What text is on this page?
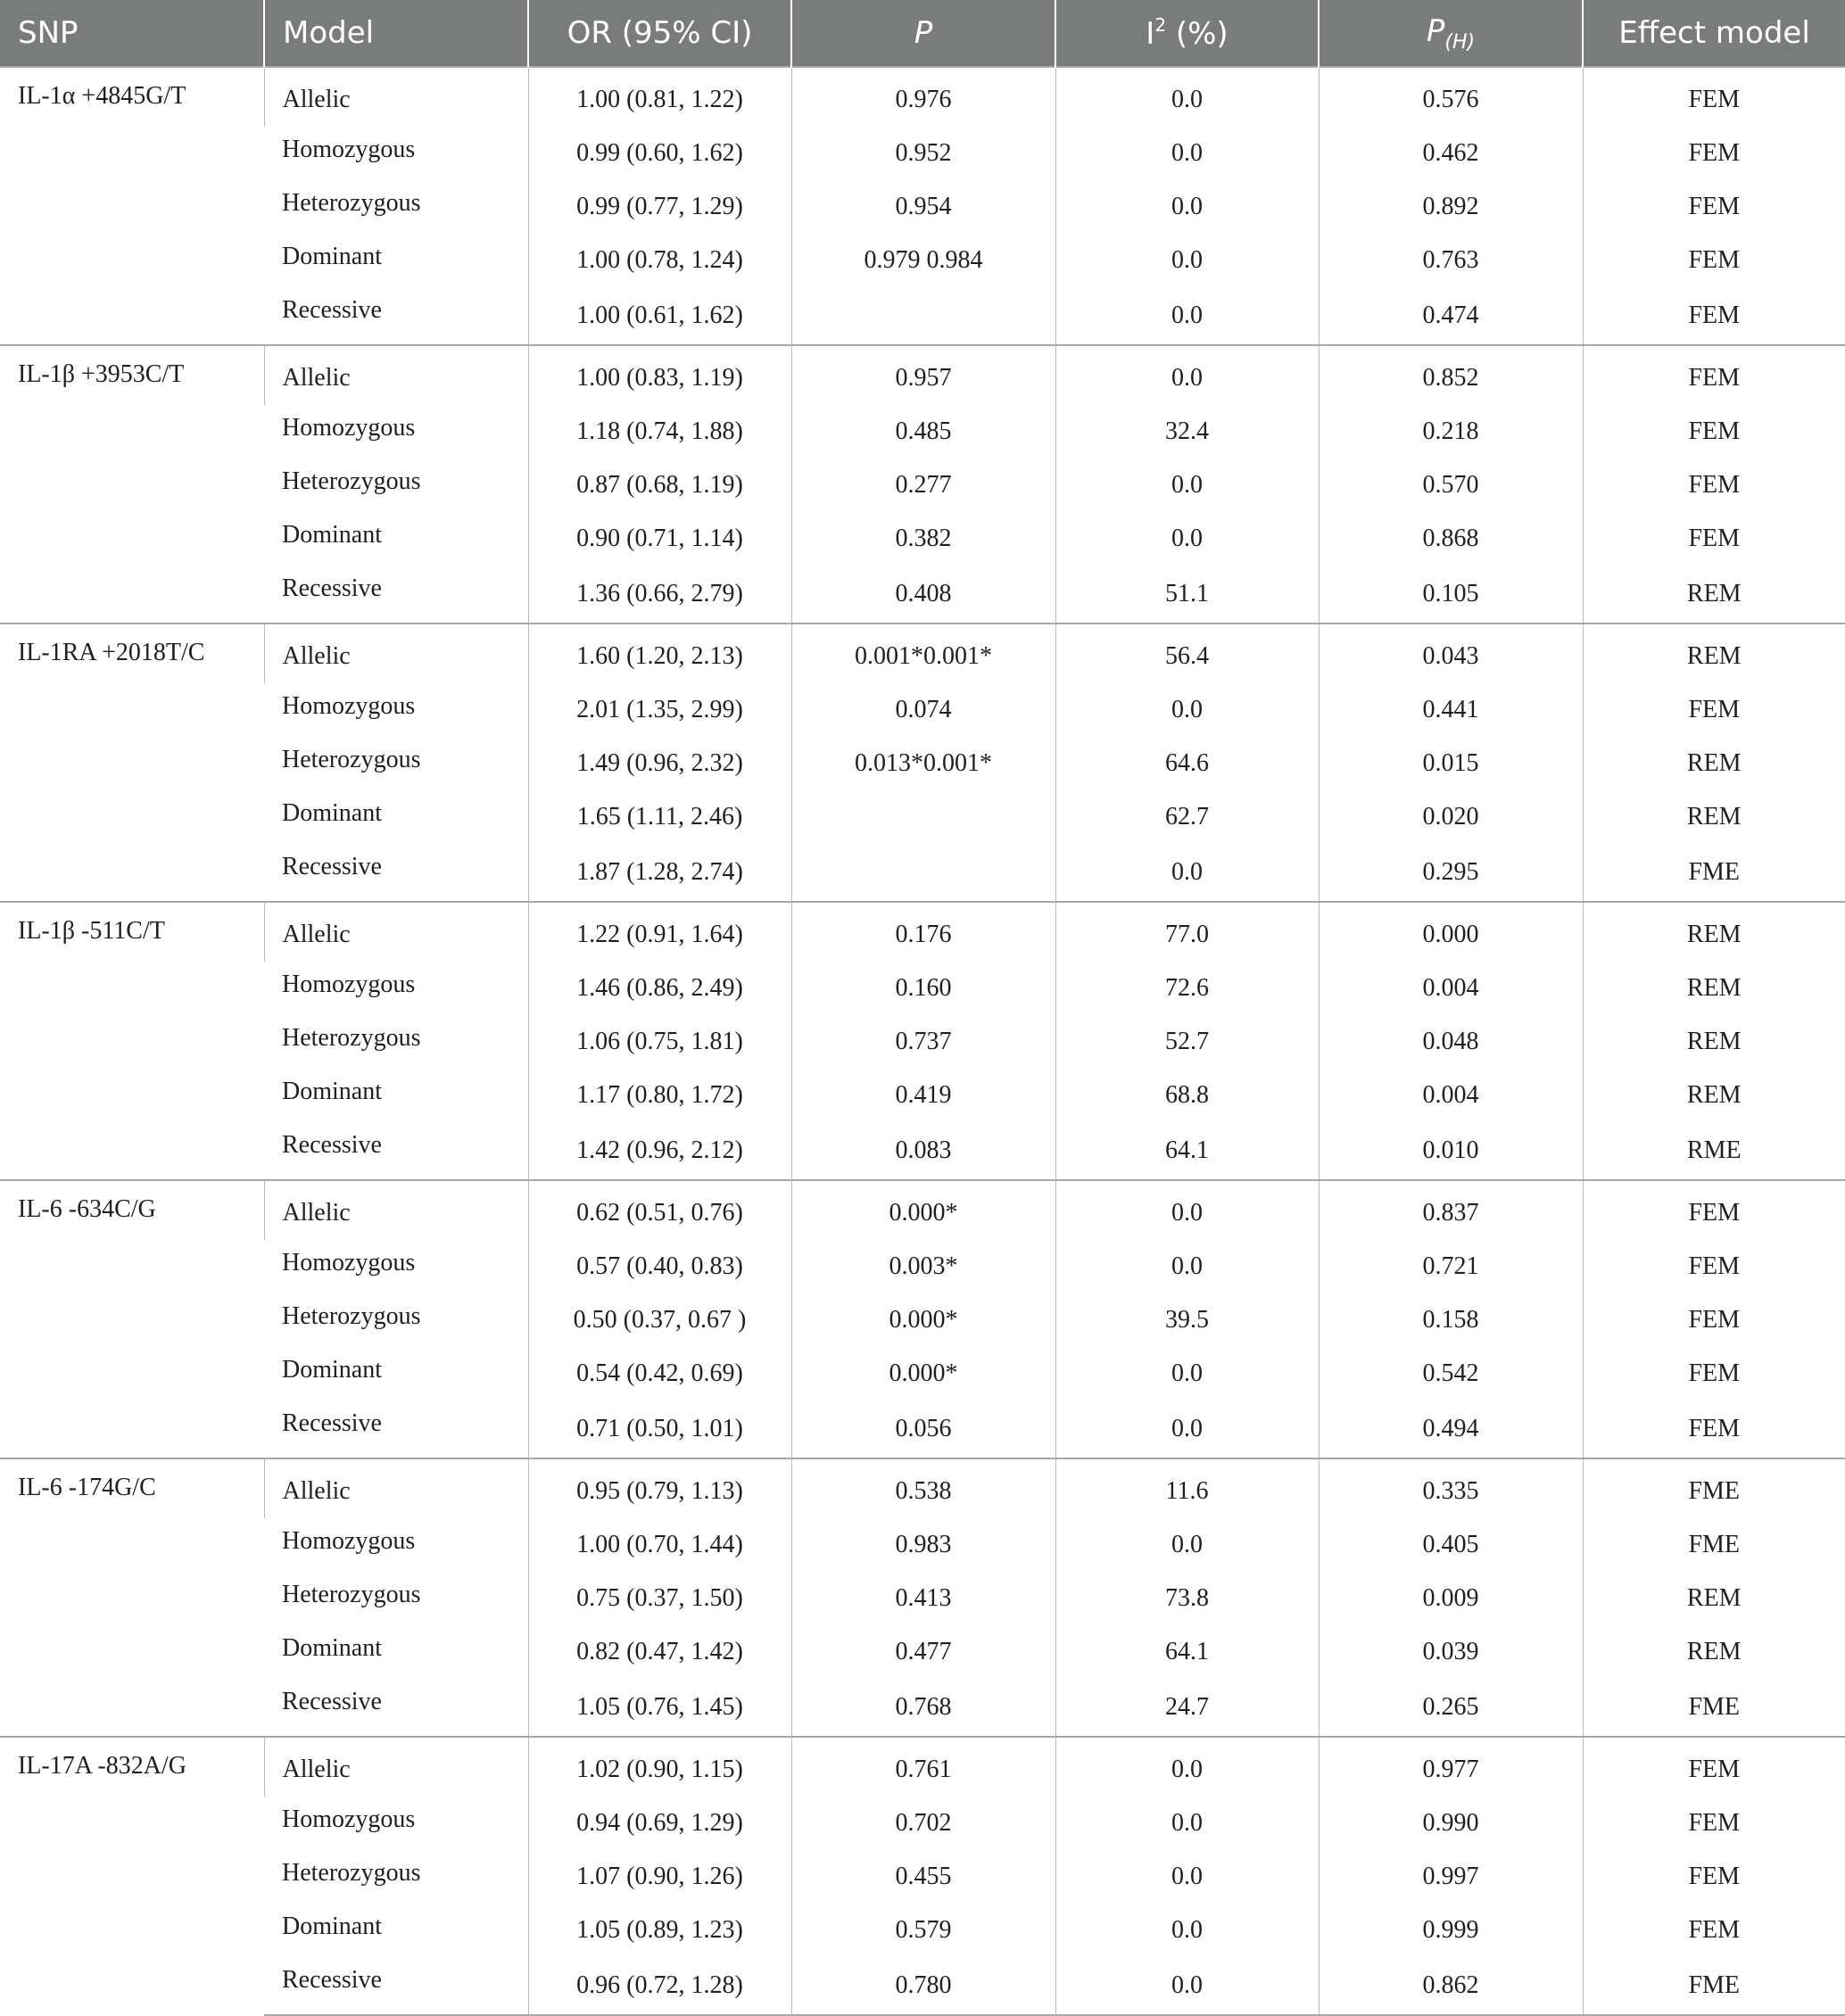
SNP	Model	OR (95% CI)	P	$I^2$ (%)	$P_{(H)}$	Effect model
IL-1α +4845G/T	Allelic	1.00 (0.81, 1.22)	0.976	0.0	0.576	FEM
	Homozygous	0.99 (0.60, 1.62)	0.952	0.0	0.462	FEM
	Heterozygous	0.99 (0.77, 1.29)	0.954	0.0	0.892	FEM
	Dominant	1.00 (0.78, 1.24)	0.979 0.984	0.0	0.763	FEM
	Recessive	1.00 (0.61, 1.62)		0.0	0.474	FEM
IL-1β +3953C/T	Allelic	1.00 (0.83, 1.19)	0.957	0.0	0.852	FEM
	Homozygous	1.18 (0.74, 1.88)	0.485	32.4	0.218	FEM
	Heterozygous	0.87 (0.68, 1.19)	0.277	0.0	0.570	FEM
	Dominant	0.90 (0.71, 1.14)	0.382	0.0	0.868	FEM
	Recessive	1.36 (0.66, 2.79)	0.408	51.1	0.105	REM
IL-1RA +2018T/C	Allelic	1.60 (1.20, 2.13)	0.001*0.001*	56.4	0.043	REM
	Homozygous	2.01 (1.35, 2.99)	0.074	0.0	0.441	FEM
	Heterozygous	1.49 (0.96, 2.32)	0.013*0.001*	64.6	0.015	REM
	Dominant	1.65 (1.11, 2.46)		62.7	0.020	REM
	Recessive	1.87 (1.28, 2.74)		0.0	0.295	FME
IL-1β -511C/T	Allelic	1.22 (0.91, 1.64)	0.176	77.0	0.000	REM
	Homozygous	1.46 (0.86, 2.49)	0.160	72.6	0.004	REM
	Heterozygous	1.06 (0.75, 1.81)	0.737	52.7	0.048	REM
	Dominant	1.17 (0.80, 1.72)	0.419	68.8	0.004	REM
	Recessive	1.42 (0.96, 2.12)	0.083	64.1	0.010	RME
IL-6 -634C/G	Allelic	0.62 (0.51, 0.76)	0.000*	0.0	0.837	FEM
	Homozygous	0.57 (0.40, 0.83)	0.003*	0.0	0.721	FEM
	Heterozygous	0.50 (0.37, 0.67 )	0.000*	39.5	0.158	FEM
	Dominant	0.54 (0.42, 0.69)	0.000*	0.0	0.542	FEM
	Recessive	0.71 (0.50, 1.01)	0.056	0.0	0.494	FEM
IL-6 -174G/C	Allelic	0.95 (0.79, 1.13)	0.538	11.6	0.335	FME
	Homozygous	1.00 (0.70, 1.44)	0.983	0.0	0.405	FME
	Heterozygous	0.75 (0.37, 1.50)	0.413	73.8	0.009	REM
	Dominant	0.82 (0.47, 1.42)	0.477	64.1	0.039	REM
	Recessive	1.05 (0.76, 1.45)	0.768	24.7	0.265	FME
IL-17A -832A/G	Allelic	1.02 (0.90, 1.15)	0.761	0.0	0.977	FEM
	Homozygous	0.94 (0.69, 1.29)	0.702	0.0	0.990	FEM
	Heterozygous	1.07 (0.90, 1.26)	0.455	0.0	0.997	FEM
	Dominant	1.05 (0.89, 1.23)	0.579	0.0	0.999	FEM
	Recessive	0.96 (0.72, 1.28)	0.780	0.0	0.862	FME
